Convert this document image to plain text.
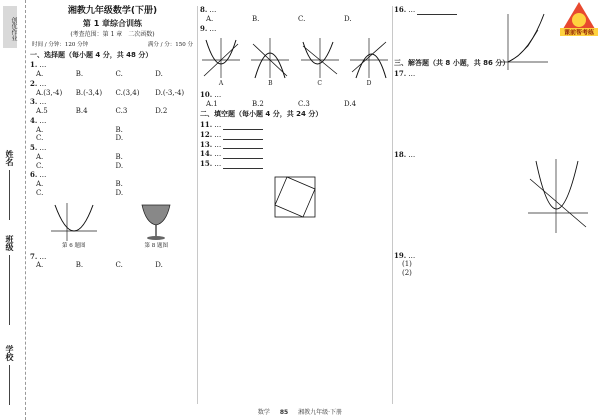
创优作业
姓名
班级
学校
湘教九年级数学(下册)
第 1 章综合训练
(考查范围：第 1 章　二次函数)
时间 / 分钟：120 分钟	满分 / 分：150 分
一、选择题（每小题 4 分，共 48 分）
1. …
A.	B.	C.	D.
2. …
A.(3,-4)	B.(-3,4)	C.(3,4)	D.(-3,-4)
3. …
A.5	B.4	C.3	D.2
4. …
A.	B.
C.	D.
5. …
A.	B.
C.	D.
6. …
A.	B.
C.	D.
第 6 题图	第 8 题图
7. …
A.	B.	C.	D.
8. …
A.	B.	C.	D.
9. …
A	B	C	D
10. …
A.1	B.2	C.3	D.4
二、填空题（每小题 4 分，共 24 分）
11. …
12. …
13. …
14. …
15. …
16. …
三、解答题（共 8 小题，共 86 分）
17. …
18. …
19. …
(1)
(2)
课前帮考练
数学 85 湘教九年级·下册
